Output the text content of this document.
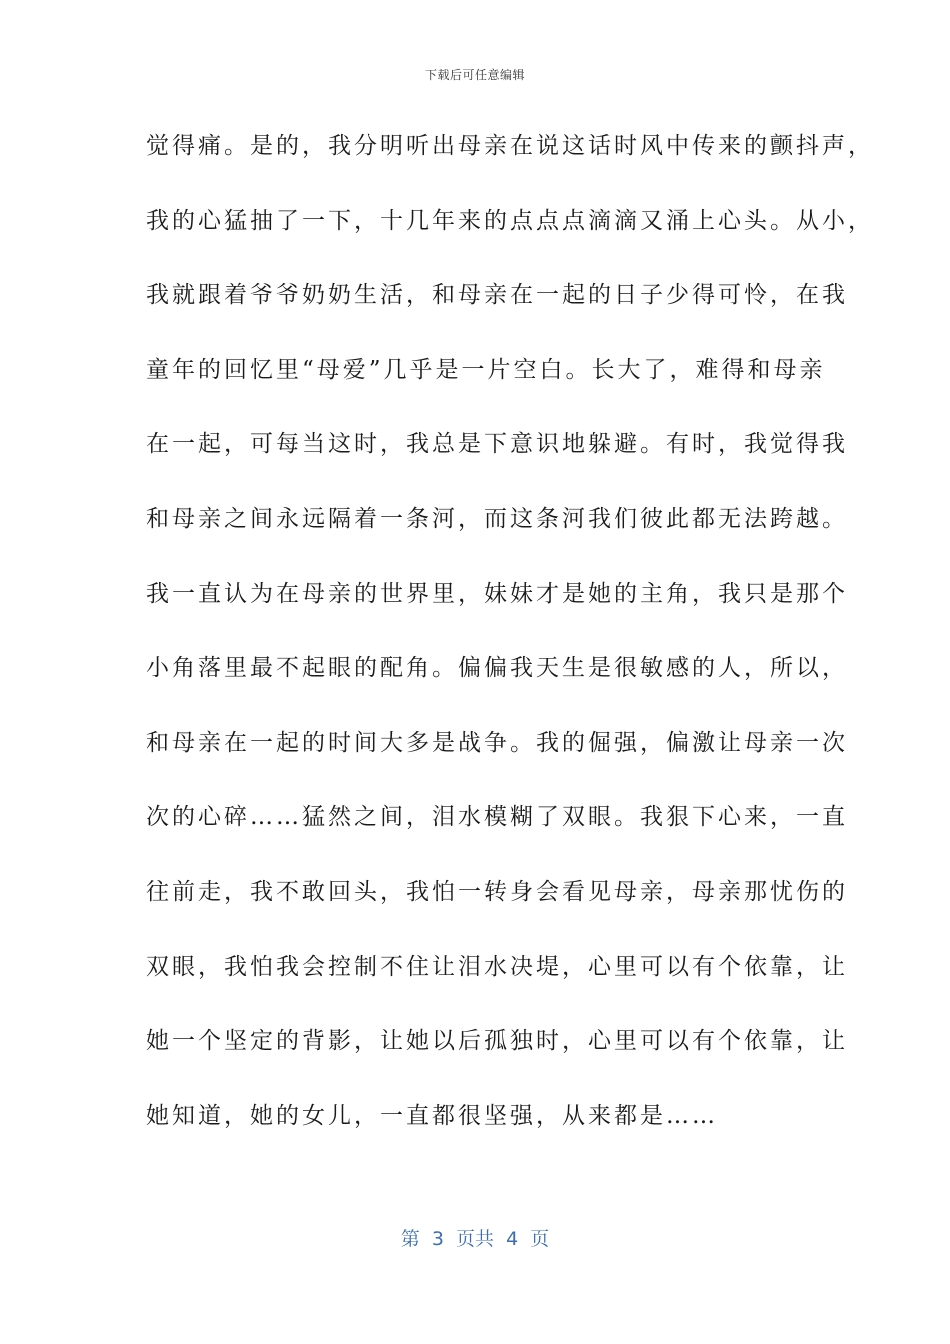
下载后可任意编辑
觉得痛。是的，我分明听出母亲在说这话时风中传来的颤抖声，
我的心猛抽了一下，十几年来的点点点滴滴又涌上心头。从小，
我就跟着爷爷奶奶生活，和母亲在一起的日子少得可怜，在我
童年的回忆里“母爱”几乎是一片空白。长大了，难得和母亲
在一起，可每当这时，我总是下意识地躲避。有时，我觉得我
和母亲之间永远隔着一条河，而这条河我们彼此都无法跨越。
我一直认为在母亲的世界里，妹妹才是她的主角，我只是那个
小角落里最不起眼的配角。偏偏我天生是很敏感的人，所以，
和母亲在一起的时间大多是战争。我的倔强，偏激让母亲一次
次的心碎……猛然之间，泪水模糊了双眼。我狠下心来，一直
往前走，我不敢回头，我怕一转身会看见母亲，母亲那忧伤的
双眼，我怕我会控制不住让泪水决堤，心里可以有个依靠，让
她一个坚定的背影，让她以后孤独时，心里可以有个依靠，让
她知道，她的女儿，一直都很坚强，从来都是……
第  3  页共  4  页
